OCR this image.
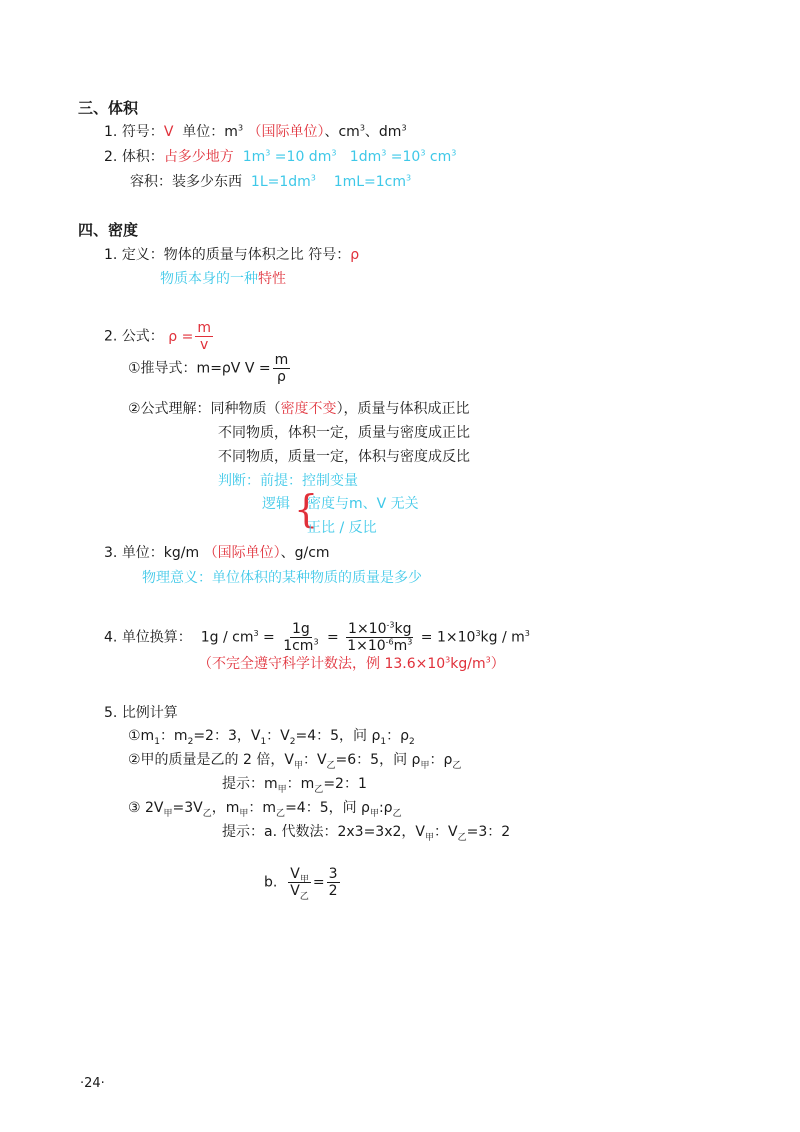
三、体积
1. 符号：V 单位：$m^3$ （国际单位）、$cm^3$、$dm^3$
2. 体积：占多少地方 $1m^3 =10$ $dm^3$ $1dm^3 =10^3$ $cm^3$
容积：装多少东西 $1L=1dm^3$ $1mL=1cm^3$
四、密度
1. 定义：物体的质量与体积之比 符号：ρ
物质本身的一种特性
2. 公式： $\rho = \frac{m}{v}$
①推导式：m=ρV $V = \frac{m}{\rho}$
②公式理解：同种物质（密度不变），质量与体积成正比
不同物质，体积一定，质量与密度成正比
不同物质，质量一定，体积与密度成反比
判断：前提：控制变量
逻辑 {
密度与m、V 无关
正比 / 反比
3. 单位：kg/m （国际单位）、g/cm
物理意义：单位体积的某种物质的质量是多少
4. 单位换算： $1g / cm^3 = \frac{1g}{1cm^3} = \frac{1\times 10^{-3}kg}{1\times 10^{-6}m^3} = 1\times 10^3kg / m^3$
（不完全遵守科学计数法，例 $13.6\times 10^3kg/m^3$）
5. 比例计算
$①m_1$：$m_2=2$：3，$V_1$：$V_2=4$：5，问 $\rho_1$：$\rho_2$
②甲的质量是乙的 2 倍，$V_甲$：$V_乙=6$：5，问 $\rho_甲$：$\rho_乙$
提示：$m_甲$：$m_乙=2$：1
③ $2V_甲=3V_乙$，$m_甲$：$m_乙=4$：5，问 $\rho_甲:\rho_乙$
提示：a. 代数法：2x3=3x2，$V_甲$：$V_乙=3$：2
b. $\frac{V_甲}{V_乙} = \frac{3}{2}$
·24·
